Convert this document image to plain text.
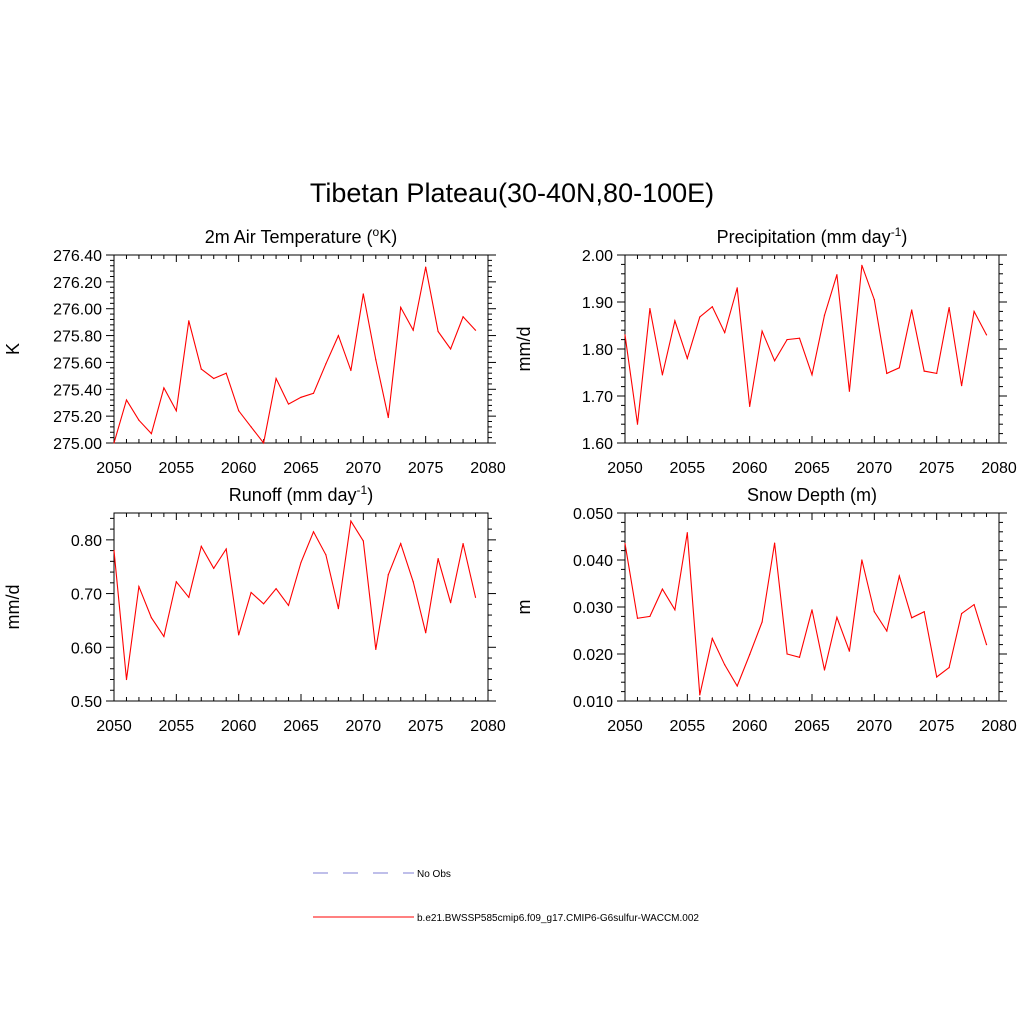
Tibetan Plateau(30-40N,80-100E)
2050 2055 2060 2065 2070 2075 2080
275.00
275.20
275.40
275.60
275.80
276.00
276.20
276.40
K
2m Air Temperature ($^o$K)
2050 2055 2060 2065 2070 2075 2080
1.60
1.70
1.80
1.90
2.00
mm/d
Precipitation (mm day$^{-1}$)
2050 2055 2060 2065 2070 2075 2080
0.50
0.60
0.70
0.80
mm/d
Runoff (mm day$^{-1}$)
2050 2055 2060 2065 2070 2075 2080
0.010
0.020
0.030
0.040
0.050
m
Snow Depth (m)
No Obs
b.e21.BWSSP585cmip6.f09_g17.CMIP6-G6sulfur-WACCM.002
